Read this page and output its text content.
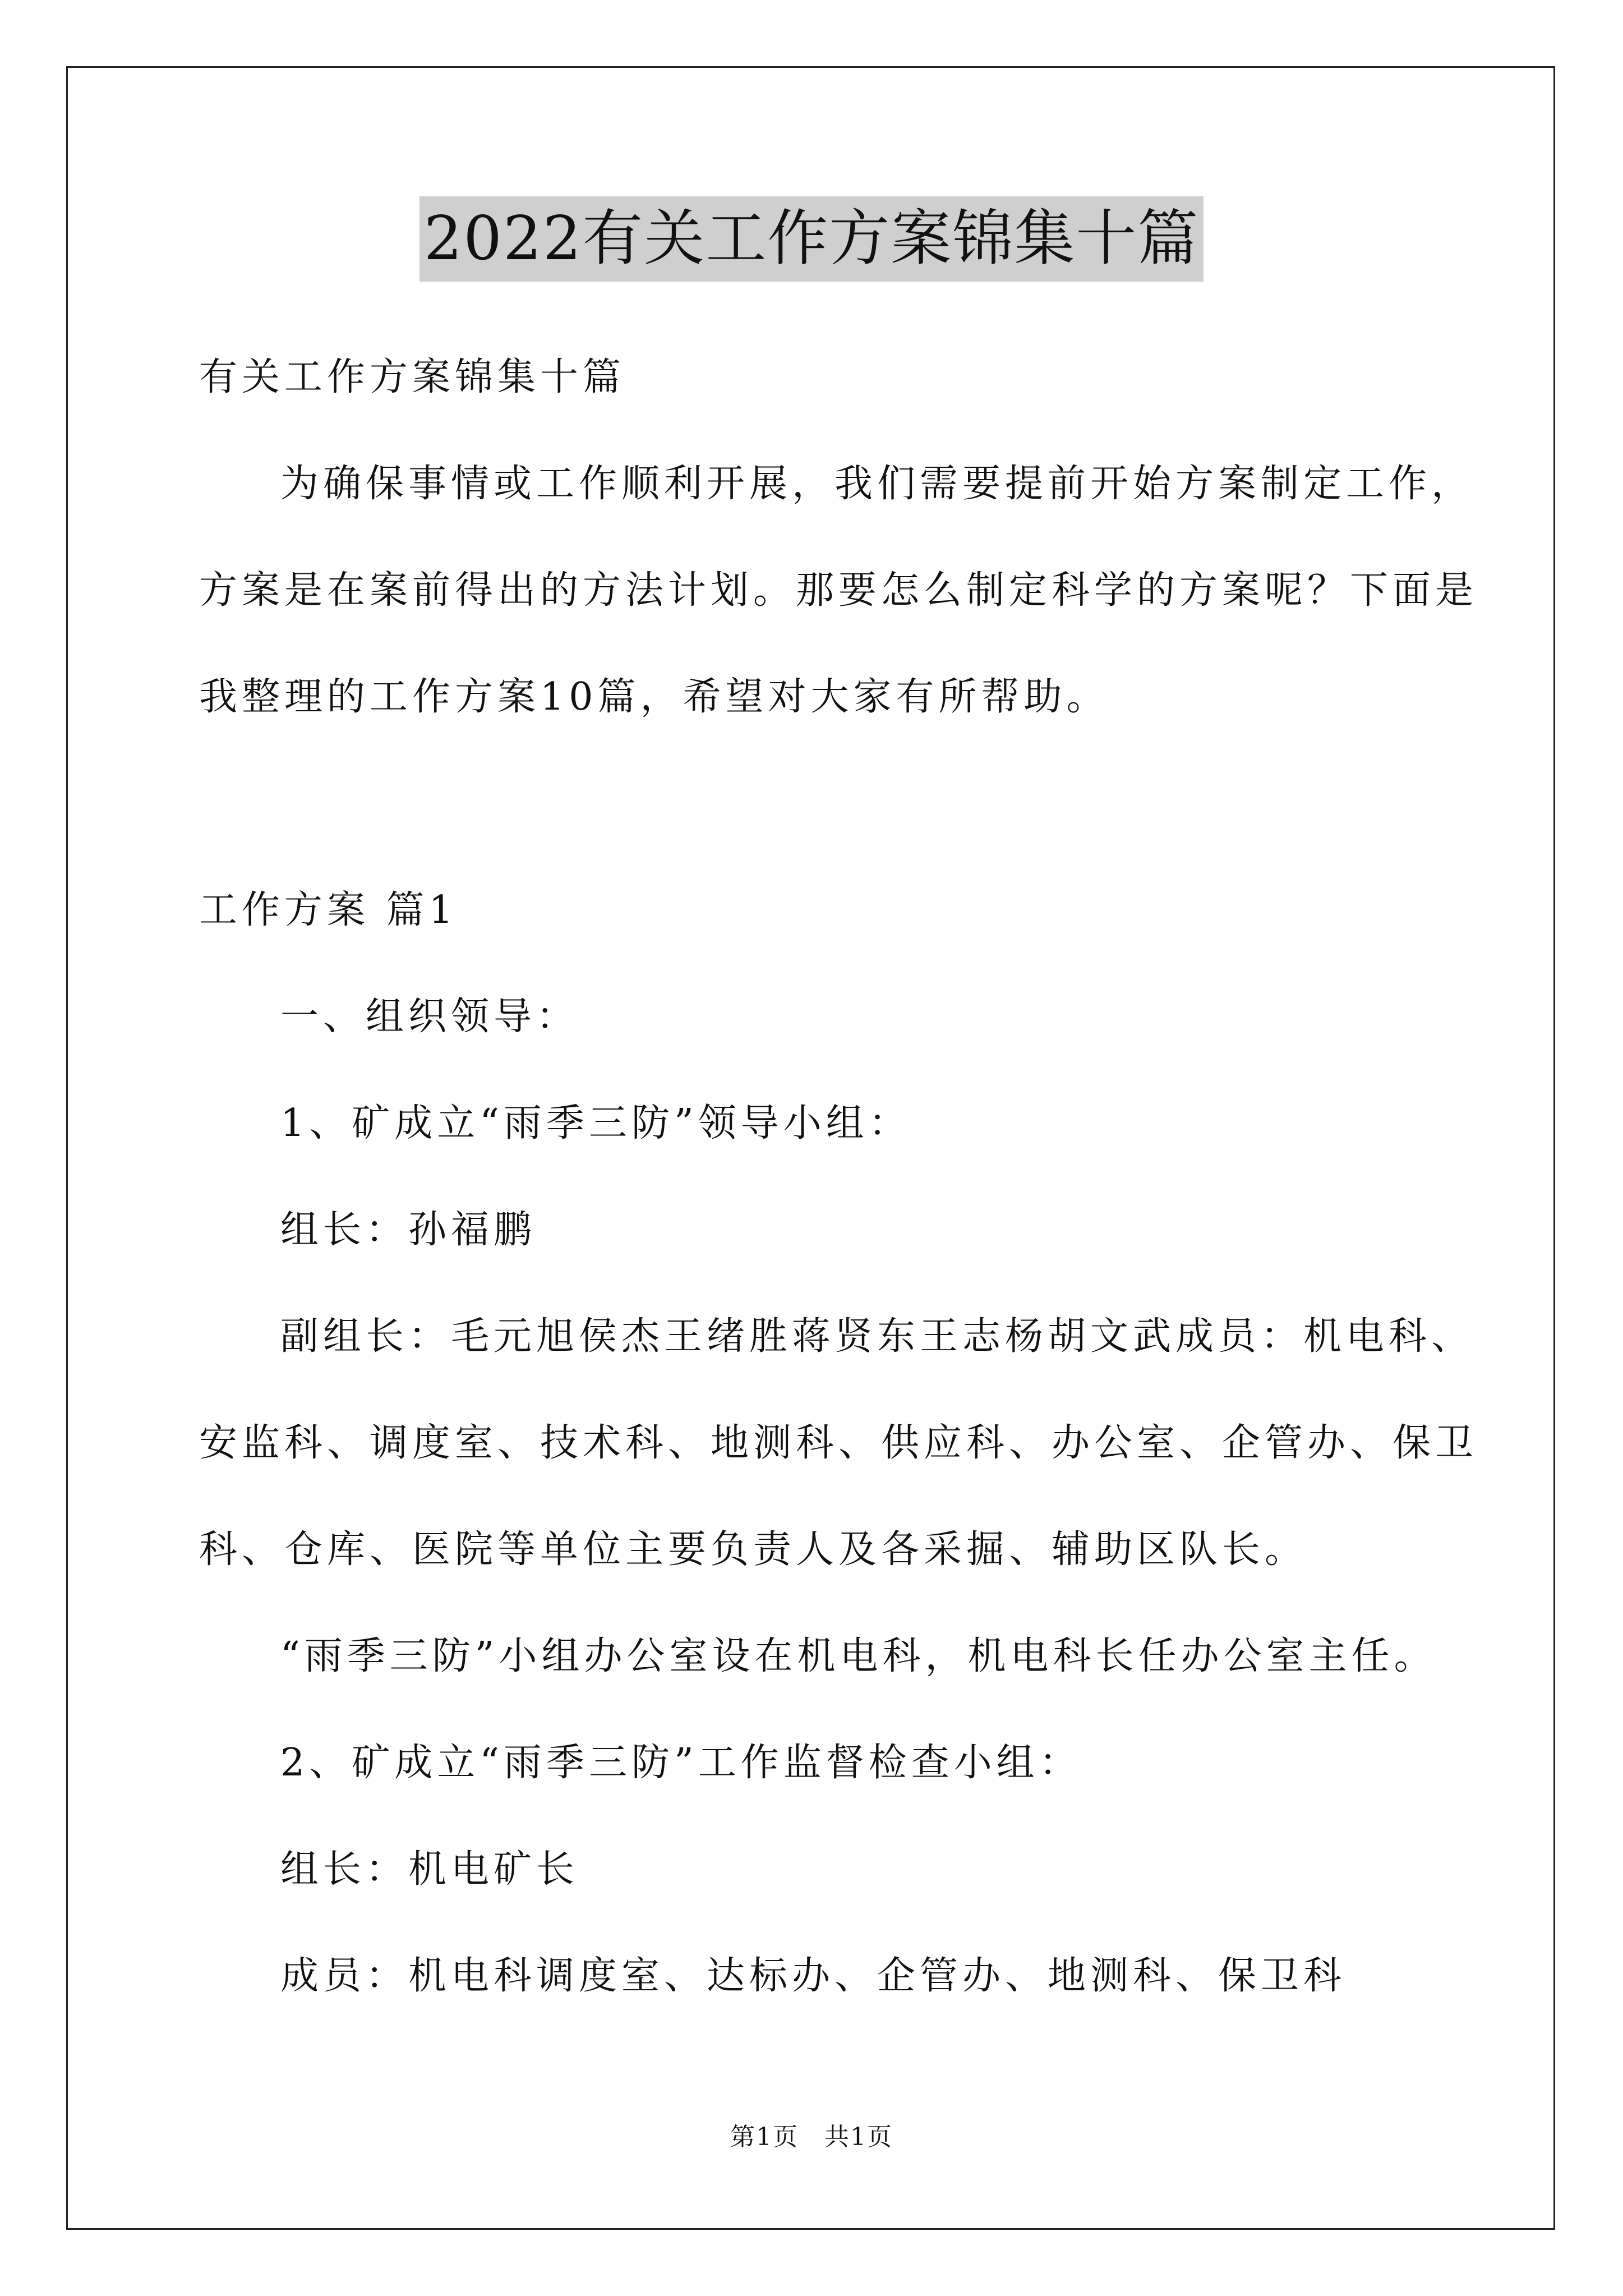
2022有关工作方案锦集十篇
有关工作方案锦集十篇
为确保事情或工作顺利开展，我们需要提前开始方案制定工作，
方案是在案前得出的方法计划。那要怎么制定科学的方案呢？下面是
我整理的工作方案10篇，希望对大家有所帮助。
工作方案 篇1
一、组织领导：
1、矿成立“雨季三防”领导小组：
组长：孙福鹏
副组长：毛元旭侯杰王绪胜蒋贤东王志杨胡文武成员：机电科、
安监科、调度室、技术科、地测科、供应科、办公室、企管办、保卫
科、仓库、医院等单位主要负责人及各采掘、辅助区队长。
“雨季三防”小组办公室设在机电科，机电科长任办公室主任。
2、矿成立“雨季三防”工作监督检查小组：
组长：机电矿长
成员：机电科调度室、达标办、企管办、地测科、保卫科
第1页　共1页
